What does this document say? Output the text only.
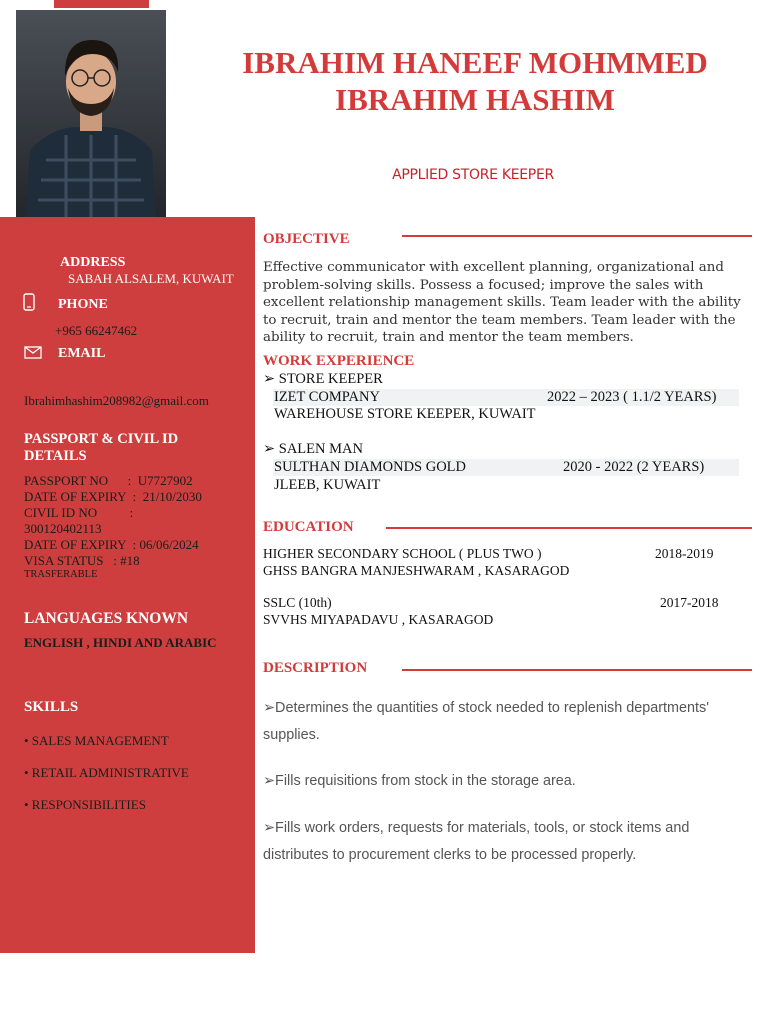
ADDRESS
SABAH ALSALEM, KUWAIT
PHONE
+965 66247462
EMAIL
Ibrahimhashim208982@gmail.com
PASSPORT & CIVIL ID
DETAILS
PASSPORT NO      :  U7727902
DATE OF EXPIRY  :  21/10/2030
CIVIL ID NO          :
300120402113
DATE OF EXPIRY  : 06/06/2024
VISA STATUS   : #18
TRASFERABLE
LANGUAGES KNOWN
ENGLISH , HINDI AND ARABIC
SKILLS
• SALES MANAGEMENT
• RETAIL ADMINISTRATIVE
• RESPONSIBILITIES
IBRAHIM HANEEF MOHMMED
IBRAHIM HASHIM
APPLIED STORE KEEPER
OBJECTIVE
Effective communicator with excellent planning, organizational and problem-solving skills. Possess a focused; improve the sales with excellent relationship management skills. Team leader with the ability to recruit, train and mentor the team members. Team leader with the ability to recruit, train and mentor the team members.
WORK EXPERIENCE
➢ STORE KEEPER
IZET COMPANY	2022 – 2023 ( 1.1/2 YEARS)
WAREHOUSE STORE KEEPER, KUWAIT
➢ SALEN MAN
SULTHAN DIAMONDS GOLD	2020 - 2022 (2 YEARS)
JLEEB, KUWAIT
EDUCATION
HIGHER SECONDARY SCHOOL ( PLUS TWO )	2018-2019
GHSS BANGRA MANJESHWARAM , KASARAGOD
SSLC (10th)	2017-2018
SVVHS MIYAPADAVU , KASARAGOD
DESCRIPTION
➢Determines the quantities of stock needed to replenish departments' supplies.
➢Fills requisitions from stock in the storage area.
➢Fills work orders, requests for materials, tools, or stock items and distributes to procurement clerks to be processed properly.
